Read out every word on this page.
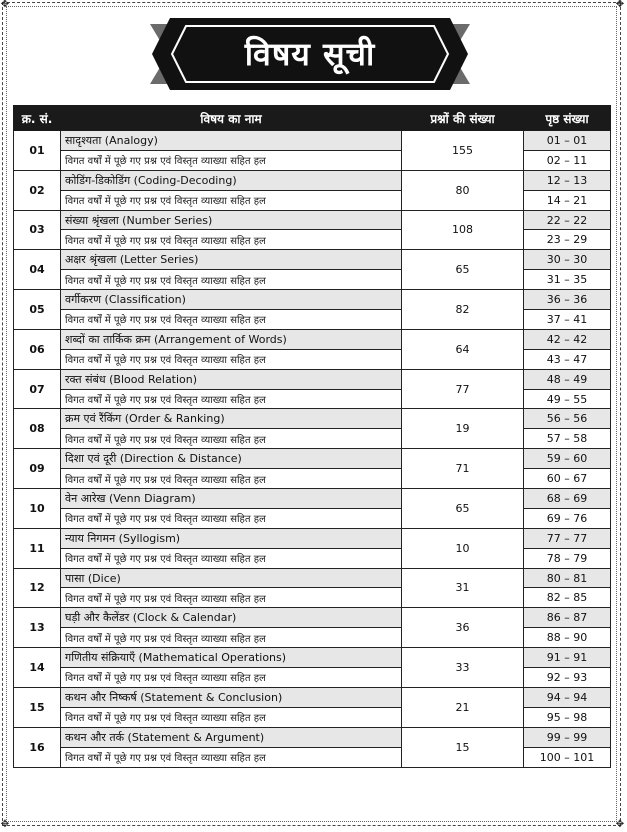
✥	✥
✥	✥
विषय सूची
क्र. सं.	विषय का नाम	प्रश्नों की संख्या	पृष्ठ संख्या
01	सादृश्यता (Analogy)	155	01 – 01
	विगत वर्षों में पूछे गए प्रश्न एवं विस्तृत व्याख्या सहित हल		02 – 11
02	कोडिंग-डिकोडिंग (Coding-Decoding)	80	12 – 13
	विगत वर्षों में पूछे गए प्रश्न एवं विस्तृत व्याख्या सहित हल		14 – 21
03	संख्या श्रृंखला (Number Series)	108	22 – 22
	विगत वर्षों में पूछे गए प्रश्न एवं विस्तृत व्याख्या सहित हल		23 – 29
04	अक्षर श्रृंखला (Letter Series)	65	30 – 30
	विगत वर्षों में पूछे गए प्रश्न एवं विस्तृत व्याख्या सहित हल		31 – 35
05	वर्गीकरण (Classification)	82	36 – 36
	विगत वर्षों में पूछे गए प्रश्न एवं विस्तृत व्याख्या सहित हल		37 – 41
06	शब्दों का तार्किक क्रम (Arrangement of Words)	64	42 – 42
	विगत वर्षों में पूछे गए प्रश्न एवं विस्तृत व्याख्या सहित हल		43 – 47
07	रक्त संबंध (Blood Relation)	77	48 – 49
	विगत वर्षों में पूछे गए प्रश्न एवं विस्तृत व्याख्या सहित हल		49 – 55
08	क्रम एवं रैंकिंग (Order & Ranking)	19	56 – 56
	विगत वर्षों में पूछे गए प्रश्न एवं विस्तृत व्याख्या सहित हल		57 – 58
09	दिशा एवं दूरी (Direction & Distance)	71	59 – 60
	विगत वर्षों में पूछे गए प्रश्न एवं विस्तृत व्याख्या सहित हल		60 – 67
10	वेन आरेख (Venn Diagram)	65	68 – 69
	विगत वर्षों में पूछे गए प्रश्न एवं विस्तृत व्याख्या सहित हल		69 – 76
11	न्याय निगमन (Syllogism)	10	77 – 77
	विगत वर्षों में पूछे गए प्रश्न एवं विस्तृत व्याख्या सहित हल		78 – 79
12	पासा (Dice)	31	80 – 81
	विगत वर्षों में पूछे गए प्रश्न एवं विस्तृत व्याख्या सहित हल		82 – 85
13	घड़ी और कैलेंडर (Clock & Calendar)	36	86 – 87
	विगत वर्षों में पूछे गए प्रश्न एवं विस्तृत व्याख्या सहित हल		88 – 90
14	गणितीय संक्रियाएँ (Mathematical Operations)	33	91 – 91
	विगत वर्षों में पूछे गए प्रश्न एवं विस्तृत व्याख्या सहित हल		92 – 93
15	कथन और निष्कर्ष (Statement & Conclusion)	21	94 – 94
	विगत वर्षों में पूछे गए प्रश्न एवं विस्तृत व्याख्या सहित हल		95 – 98
16	कथन और तर्क (Statement & Argument)	15	99 – 99
	विगत वर्षों में पूछे गए प्रश्न एवं विस्तृत व्याख्या सहित हल		100 – 101
